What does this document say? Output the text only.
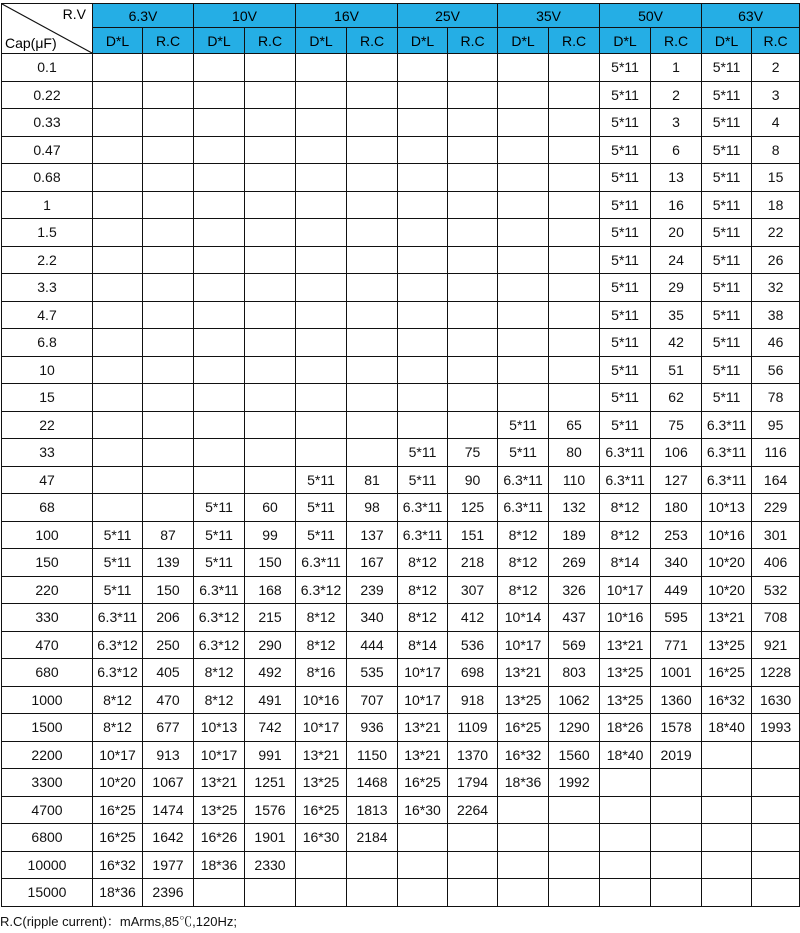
R.V
Cap(μF)	6.3V		10V		16V		25V		35V		50V		63V	
	D*L	R.C	D*L	R.C	D*L	R.C	D*L	R.C	D*L	R.C	D*L	R.C	D*L	R.C
0.1											5*11	1	5*11	2
0.22											5*11	2	5*11	3
0.33											5*11	3	5*11	4
0.47											5*11	6	5*11	8
0.68											5*11	13	5*11	15
1											5*11	16	5*11	18
1.5											5*11	20	5*11	22
2.2											5*11	24	5*11	26
3.3											5*11	29	5*11	32
4.7											5*11	35	5*11	38
6.8											5*11	42	5*11	46
10											5*11	51	5*11	56
15											5*11	62	5*11	78
22									5*11	65	5*11	75	6.3*11	95
33							5*11	75	5*11	80	6.3*11	106	6.3*11	116
47					5*11	81	5*11	90	6.3*11	110	6.3*11	127	6.3*11	164
68			5*11	60	5*11	98	6.3*11	125	6.3*11	132	8*12	180	10*13	229
100	5*11	87	5*11	99	5*11	137	6.3*11	151	8*12	189	8*12	253	10*16	301
150	5*11	139	5*11	150	6.3*11	167	8*12	218	8*12	269	8*14	340	10*20	406
220	5*11	150	6.3*11	168	6.3*12	239	8*12	307	8*12	326	10*17	449	10*20	532
330	6.3*11	206	6.3*12	215	8*12	340	8*12	412	10*14	437	10*16	595	13*21	708
470	6.3*12	250	6.3*12	290	8*12	444	8*14	536	10*17	569	13*21	771	13*25	921
680	6.3*12	405	8*12	492	8*16	535	10*17	698	13*21	803	13*25	1001	16*25	1228
1000	8*12	470	8*12	491	10*16	707	10*17	918	13*25	1062	13*25	1360	16*32	1630
1500	8*12	677	10*13	742	10*17	936	13*21	1109	16*25	1290	18*26	1578	18*40	1993
2200	10*17	913	10*17	991	13*21	1150	13*21	1370	16*32	1560	18*40	2019		
3300	10*20	1067	13*21	1251	13*25	1468	16*25	1794	18*36	1992				
4700	16*25	1474	13*25	1576	16*25	1813	16*30	2264						
6800	16*25	1642	16*26	1901	16*30	2184								
10000	16*32	1977	18*36	2330										
15000	18*36	2396												
R.C(ripple current)：mArms,85℃,120Hz;
